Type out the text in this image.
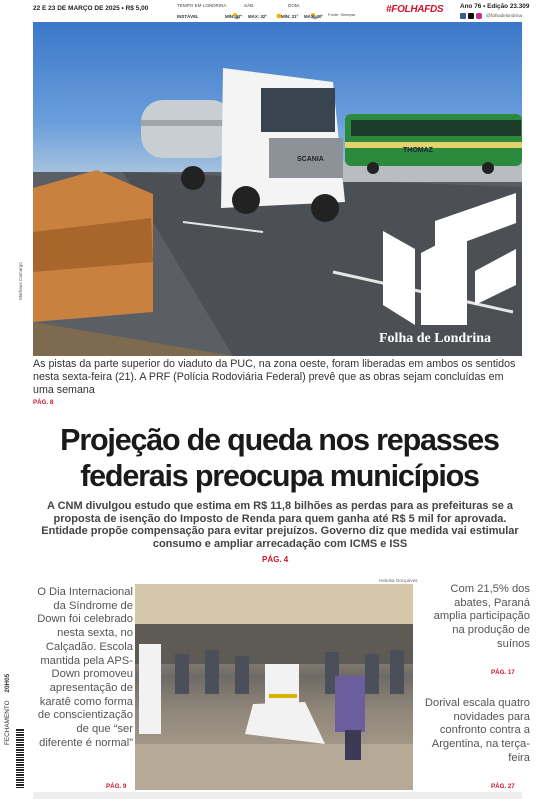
22 E 23 DE MARÇO DE 2025 • R$ 5,00	TEMPO EM LONDRINA
INSTÁVEL	MÍN: 17º
SÁB.
MÁX: 32º
DOM.
MÍN: 21º MÁX: 30º Fonte: Simepar	#FOLHAFDS	Ano 76 • Edição 23.309
@folhadelondrina
SCANIA
THOMAZ
Matheus Camargo
Folha de Londrina

As pistas da parte superior do viaduto da PUC, na zona oeste, foram liberadas em ambos os sentidos nesta sexta-feira (21). A PRF (Polícia Rodoviária Federal) prevê que as obras sejam concluídas em uma semana

PÁG. 8
Projeção de queda nos repasses
federais preocupa municípios

A CNM divulgou estudo que estima em R$ 11,8 bilhões as perdas para as prefeituras se a proposta de isenção do Imposto de Renda para quem ganha até R$ 5 mil for aprovada. Entidade propõe compensação para evitar prejuízos. Governo diz que medida vai estimular consumo e ampliar arrecadação com ICMS e ISS

PÁG. 4

O Dia Internacional da Síndrome de Down foi celebrado nesta sexta, no Calçadão. Escola mantida pela APS-Down promoveu apresentação de karatê como forma de conscientização de que “ser diferente é normal”

PÁG. 9
FECHAMENTO 20H05
Heloísa Gonçalves

Com 21,5% dos abates, Paraná amplia participação na produção de suínos

PÁG. 17

Dorival escala quatro novidades para confronto contra a Argentina, na terça-feira

PÁG. 27
